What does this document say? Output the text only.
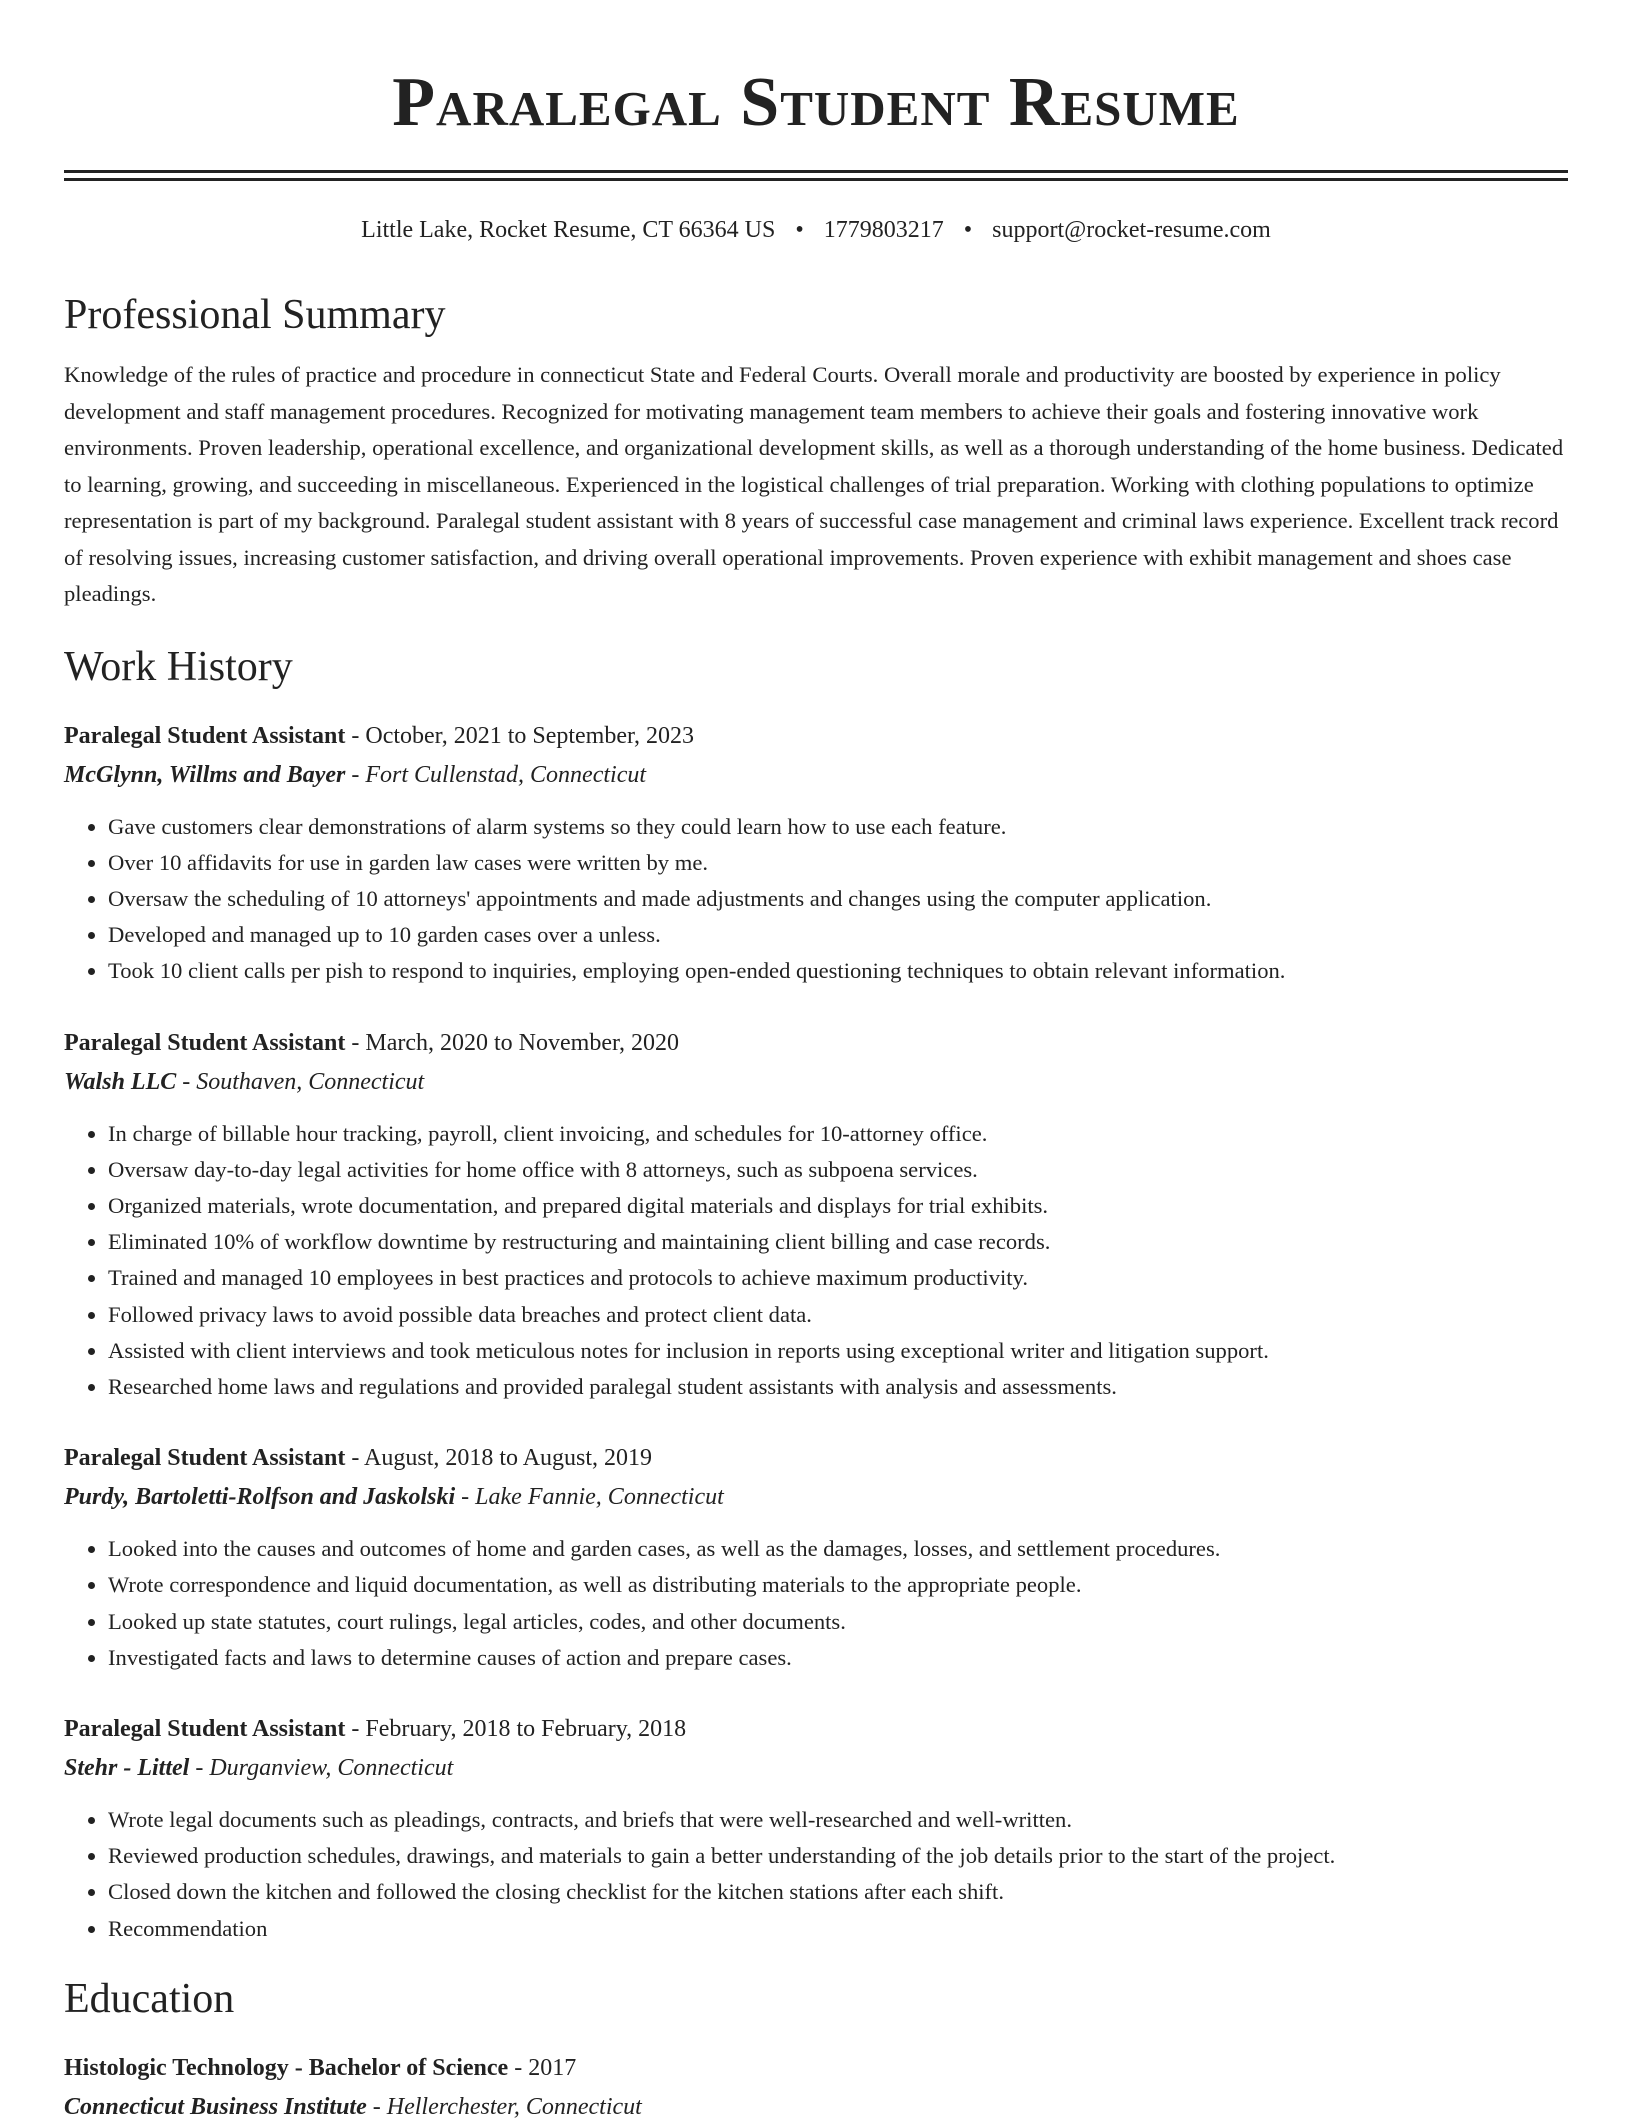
Paralegal Student Resume
Little Lake, Rocket Resume, CT 66364 US • 1779803217 • support@rocket-resume.com
Professional Summary
Knowledge of the rules of practice and procedure in connecticut State and Federal Courts. Overall morale and productivity are boosted by experience in policy development and staff management procedures. Recognized for motivating management team members to achieve their goals and fostering innovative work environments. Proven leadership, operational excellence, and organizational development skills, as well as a thorough understanding of the home business. Dedicated to learning, growing, and succeeding in miscellaneous. Experienced in the logistical challenges of trial preparation. Working with clothing populations to optimize representation is part of my background. Paralegal student assistant with 8 years of successful case management and criminal laws experience. Excellent track record of resolving issues, increasing customer satisfaction, and driving overall operational improvements. Proven experience with exhibit management and shoes case pleadings.
Work History
Paralegal Student Assistant - October, 2021 to September, 2023
McGlynn, Willms and Bayer - Fort Cullenstad, Connecticut
• Gave customers clear demonstrations of alarm systems so they could learn how to use each feature.
• Over 10 affidavits for use in garden law cases were written by me.
• Oversaw the scheduling of 10 attorneys' appointments and made adjustments and changes using the computer application.
• Developed and managed up to 10 garden cases over a unless.
• Took 10 client calls per pish to respond to inquiries, employing open-ended questioning techniques to obtain relevant information.
Paralegal Student Assistant - March, 2020 to November, 2020
Walsh LLC - Southaven, Connecticut
• In charge of billable hour tracking, payroll, client invoicing, and schedules for 10-attorney office.
• Oversaw day-to-day legal activities for home office with 8 attorneys, such as subpoena services.
• Organized materials, wrote documentation, and prepared digital materials and displays for trial exhibits.
• Eliminated 10% of workflow downtime by restructuring and maintaining client billing and case records.
• Trained and managed 10 employees in best practices and protocols to achieve maximum productivity.
• Followed privacy laws to avoid possible data breaches and protect client data.
• Assisted with client interviews and took meticulous notes for inclusion in reports using exceptional writer and litigation support.
• Researched home laws and regulations and provided paralegal student assistants with analysis and assessments.
Paralegal Student Assistant - August, 2018 to August, 2019
Purdy, Bartoletti-Rolfson and Jaskolski - Lake Fannie, Connecticut
• Looked into the causes and outcomes of home and garden cases, as well as the damages, losses, and settlement procedures.
• Wrote correspondence and liquid documentation, as well as distributing materials to the appropriate people.
• Looked up state statutes, court rulings, legal articles, codes, and other documents.
• Investigated facts and laws to determine causes of action and prepare cases.
Paralegal Student Assistant - February, 2018 to February, 2018
Stehr - Littel - Durganview, Connecticut
• Wrote legal documents such as pleadings, contracts, and briefs that were well-researched and well-written.
• Reviewed production schedules, drawings, and materials to gain a better understanding of the job details prior to the start of the project.
• Closed down the kitchen and followed the closing checklist for the kitchen stations after each shift.
• Recommendation
Education
Histologic Technology - Bachelor of Science - 2017
Connecticut Business Institute - Hellerchester, Connecticut
